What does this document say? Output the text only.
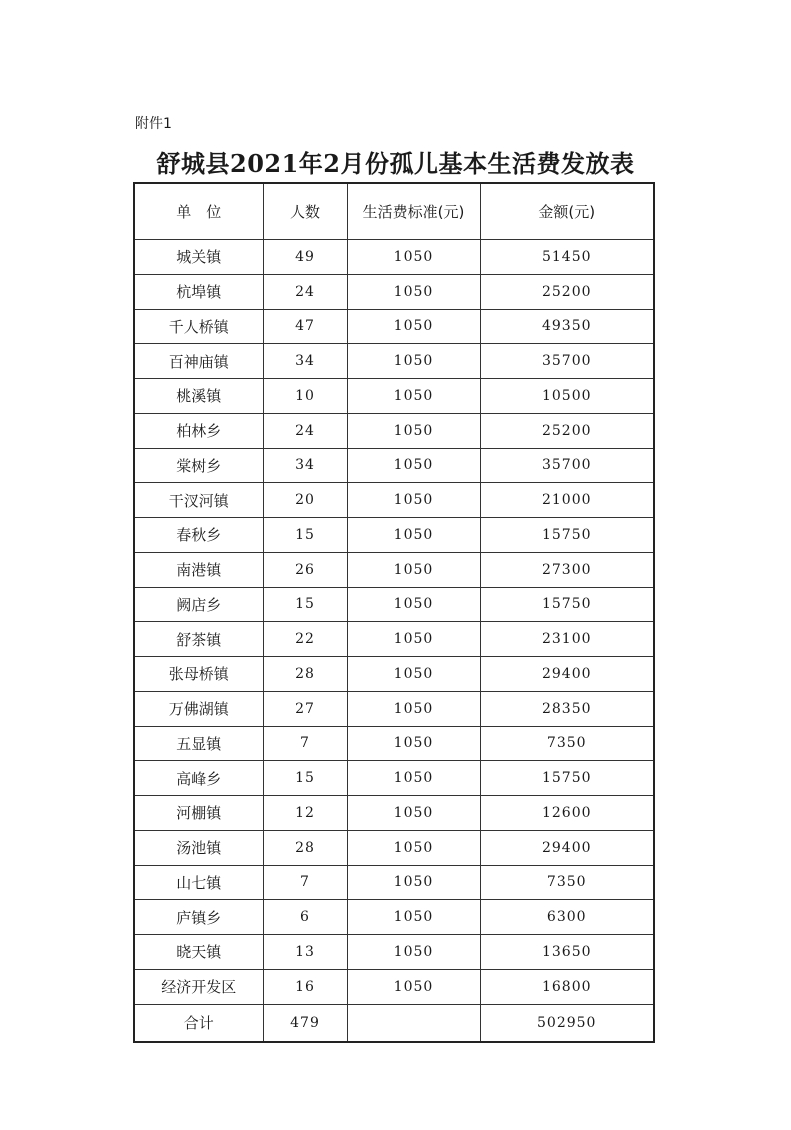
附件1
舒城县2021年2月份孤儿基本生活费发放表
单　位	人数	生活费标准(元)	金额(元)
城关镇	49	1050	51450
杭埠镇	24	1050	25200
千人桥镇	47	1050	49350
百神庙镇	34	1050	35700
桃溪镇	10	1050	10500
柏林乡	24	1050	25200
棠树乡	34	1050	35700
干汊河镇	20	1050	21000
春秋乡	15	1050	15750
南港镇	26	1050	27300
阙店乡	15	1050	15750
舒茶镇	22	1050	23100
张母桥镇	28	1050	29400
万佛湖镇	27	1050	28350
五显镇	7	1050	7350
高峰乡	15	1050	15750
河棚镇	12	1050	12600
汤池镇	28	1050	29400
山七镇	7	1050	7350
庐镇乡	6	1050	6300
晓天镇	13	1050	13650
经济开发区	16	1050	16800
合计	479		502950
